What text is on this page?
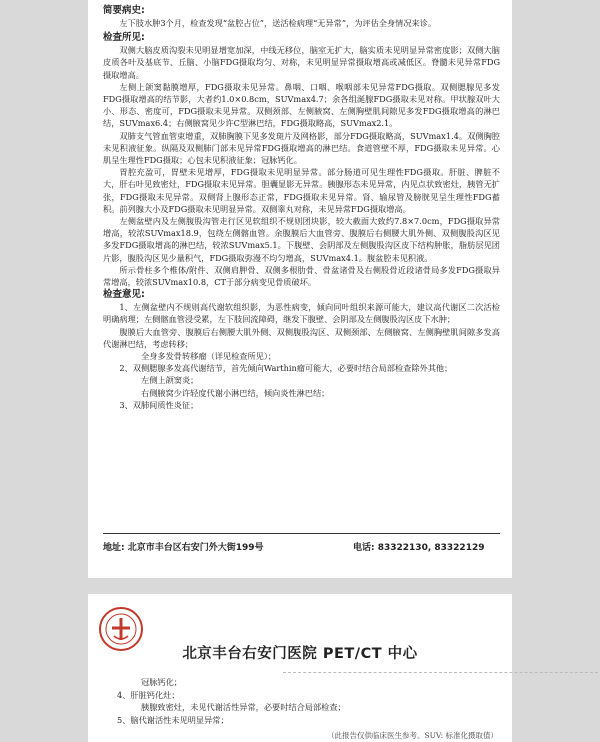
简要病史:

左下肢水肿3个月，检查发现“盆腔占位”，送活检病理“无异常”，为评估全身情况来诊。

检查所见:

双侧大脑皮质沟裂未见明显增宽加深，中线无移位，脑室无扩大，脑实质未见明显异常密度影；双侧大脑皮质各叶及基底节、丘脑、小脑FDG摄取均匀、对称，未见明显异常摄取增高或减低区。脊髓未见异常FDG摄取增高。

左侧上颌窦黏膜增厚，FDG摄取未见异常。鼻咽、口咽、喉咽部未见异常FDG摄取。双侧腮腺见多发FDG摄取增高的结节影，大者约1.0×0.8cm，SUVmax4.7；余各组涎腺FDG摄取未见对称。甲状腺双叶大小、形态、密度可，FDG摄取未见异常。双侧颈部、左侧腋窝、左侧胸壁肌间隙见多发FDG摄取增高的淋巴结，SUVmax6.4；右侧腋窝见少许C型淋巴结，FDG摄取略高，SUVmax2.1。

双肺支气管血管束增重，双肺胸膜下见多发斑片及网格影，部分FDG摄取略高，SUVmax1.4。双侧胸腔未见积液征象。纵隔及双侧肺门部未见异常FDG摄取增高的淋巴结。食道管壁不厚，FDG摄取未见异常。心肌呈生理性FDG摄取；心包未见积液征象；冠脉钙化。

胃腔充盈可，胃壁未见增厚，FDG摄取未见明显异常。部分肠道可见生理性FDG摄取。肝脏、脾脏不大，肝右叶见致密灶，FDG摄取未见异常。胆囊显影无异常。胰腺形态未见异常，内见点状致密灶，胰管无扩张，FDG摄取未见异常。双侧肾上腺形态正常，FDG摄取未见异常。肾、输尿管及膀胱见呈生理性FDG蓄积。前列腺大小及FDG摄取未见明显异常。双侧睾丸对称，未见异常FDG摄取增高。

左侧盆壁内及左侧腹股沟管走行区见软组织不规则团块影，较大截面大致约7.8×7.0cm，FDG摄取异常增高，较浓SUVmax18.9，包绕左侧髂血管。余腹膜后大血管旁、腹膜后右侧腰大肌外侧、双侧腹股沟区见多发FDG摄取增高的淋巴结，较浓SUVmax5.1。下腹壁、会阴部及左侧腹股沟区皮下结构肿胀，脂肪层见团片影，腹股沟区见少量积气，FDG摄取弥漫不均匀增高，SUVmax4.1。腹盆腔未见积液。

所示骨柱多个椎体/附件、双侧肩胛骨、双侧多根肋骨、骨盆诸骨及右侧股骨近段诸骨局多发FDG摄取异常增高，较浓SUVmax10.8，CT于部分病变见骨质破坏。

检查意见:

1、左侧盆壁内不规则高代谢软组织影，为恶性病变，倾向同叶组织来源可能大，建议高代谢区二次活检明确病理；左侧髂血管浸受累，左下肢回流障碍，继发下腹壁、会阴部及左侧腹股沟区皮下水肿；

腹膜后大血管旁、腹膜后右侧腰大肌外侧、双侧腹股沟区、双侧颈部、左侧腋窝、左侧胸壁肌间隙多发高代谢淋巴结，考虑转移；

全身多发骨转移瘤（详见检查所见）；

2、双侧腮腺多发高代谢结节，首先倾向Warthin瘤可能大，必要时结合局部检查除外其他；

左侧上颌窦炎；

右侧腋窝少许轻度代谢小淋巴结，倾向炎性淋巴结；

3、双肺间质性炎征；

地址: 北京市丰台区右安门外大街199号	电话: 83322130, 83322129
北京丰台右安门医院 PET/CT 中心

冠脉钙化；

4、肝脏钙化灶；

胰腺致密灶，未见代谢活性异常，必要时结合局部检查；

5、脑代谢活性未见明显异常；

（此报告仅供临床医生参考。SUV: 标准化摄取值）
